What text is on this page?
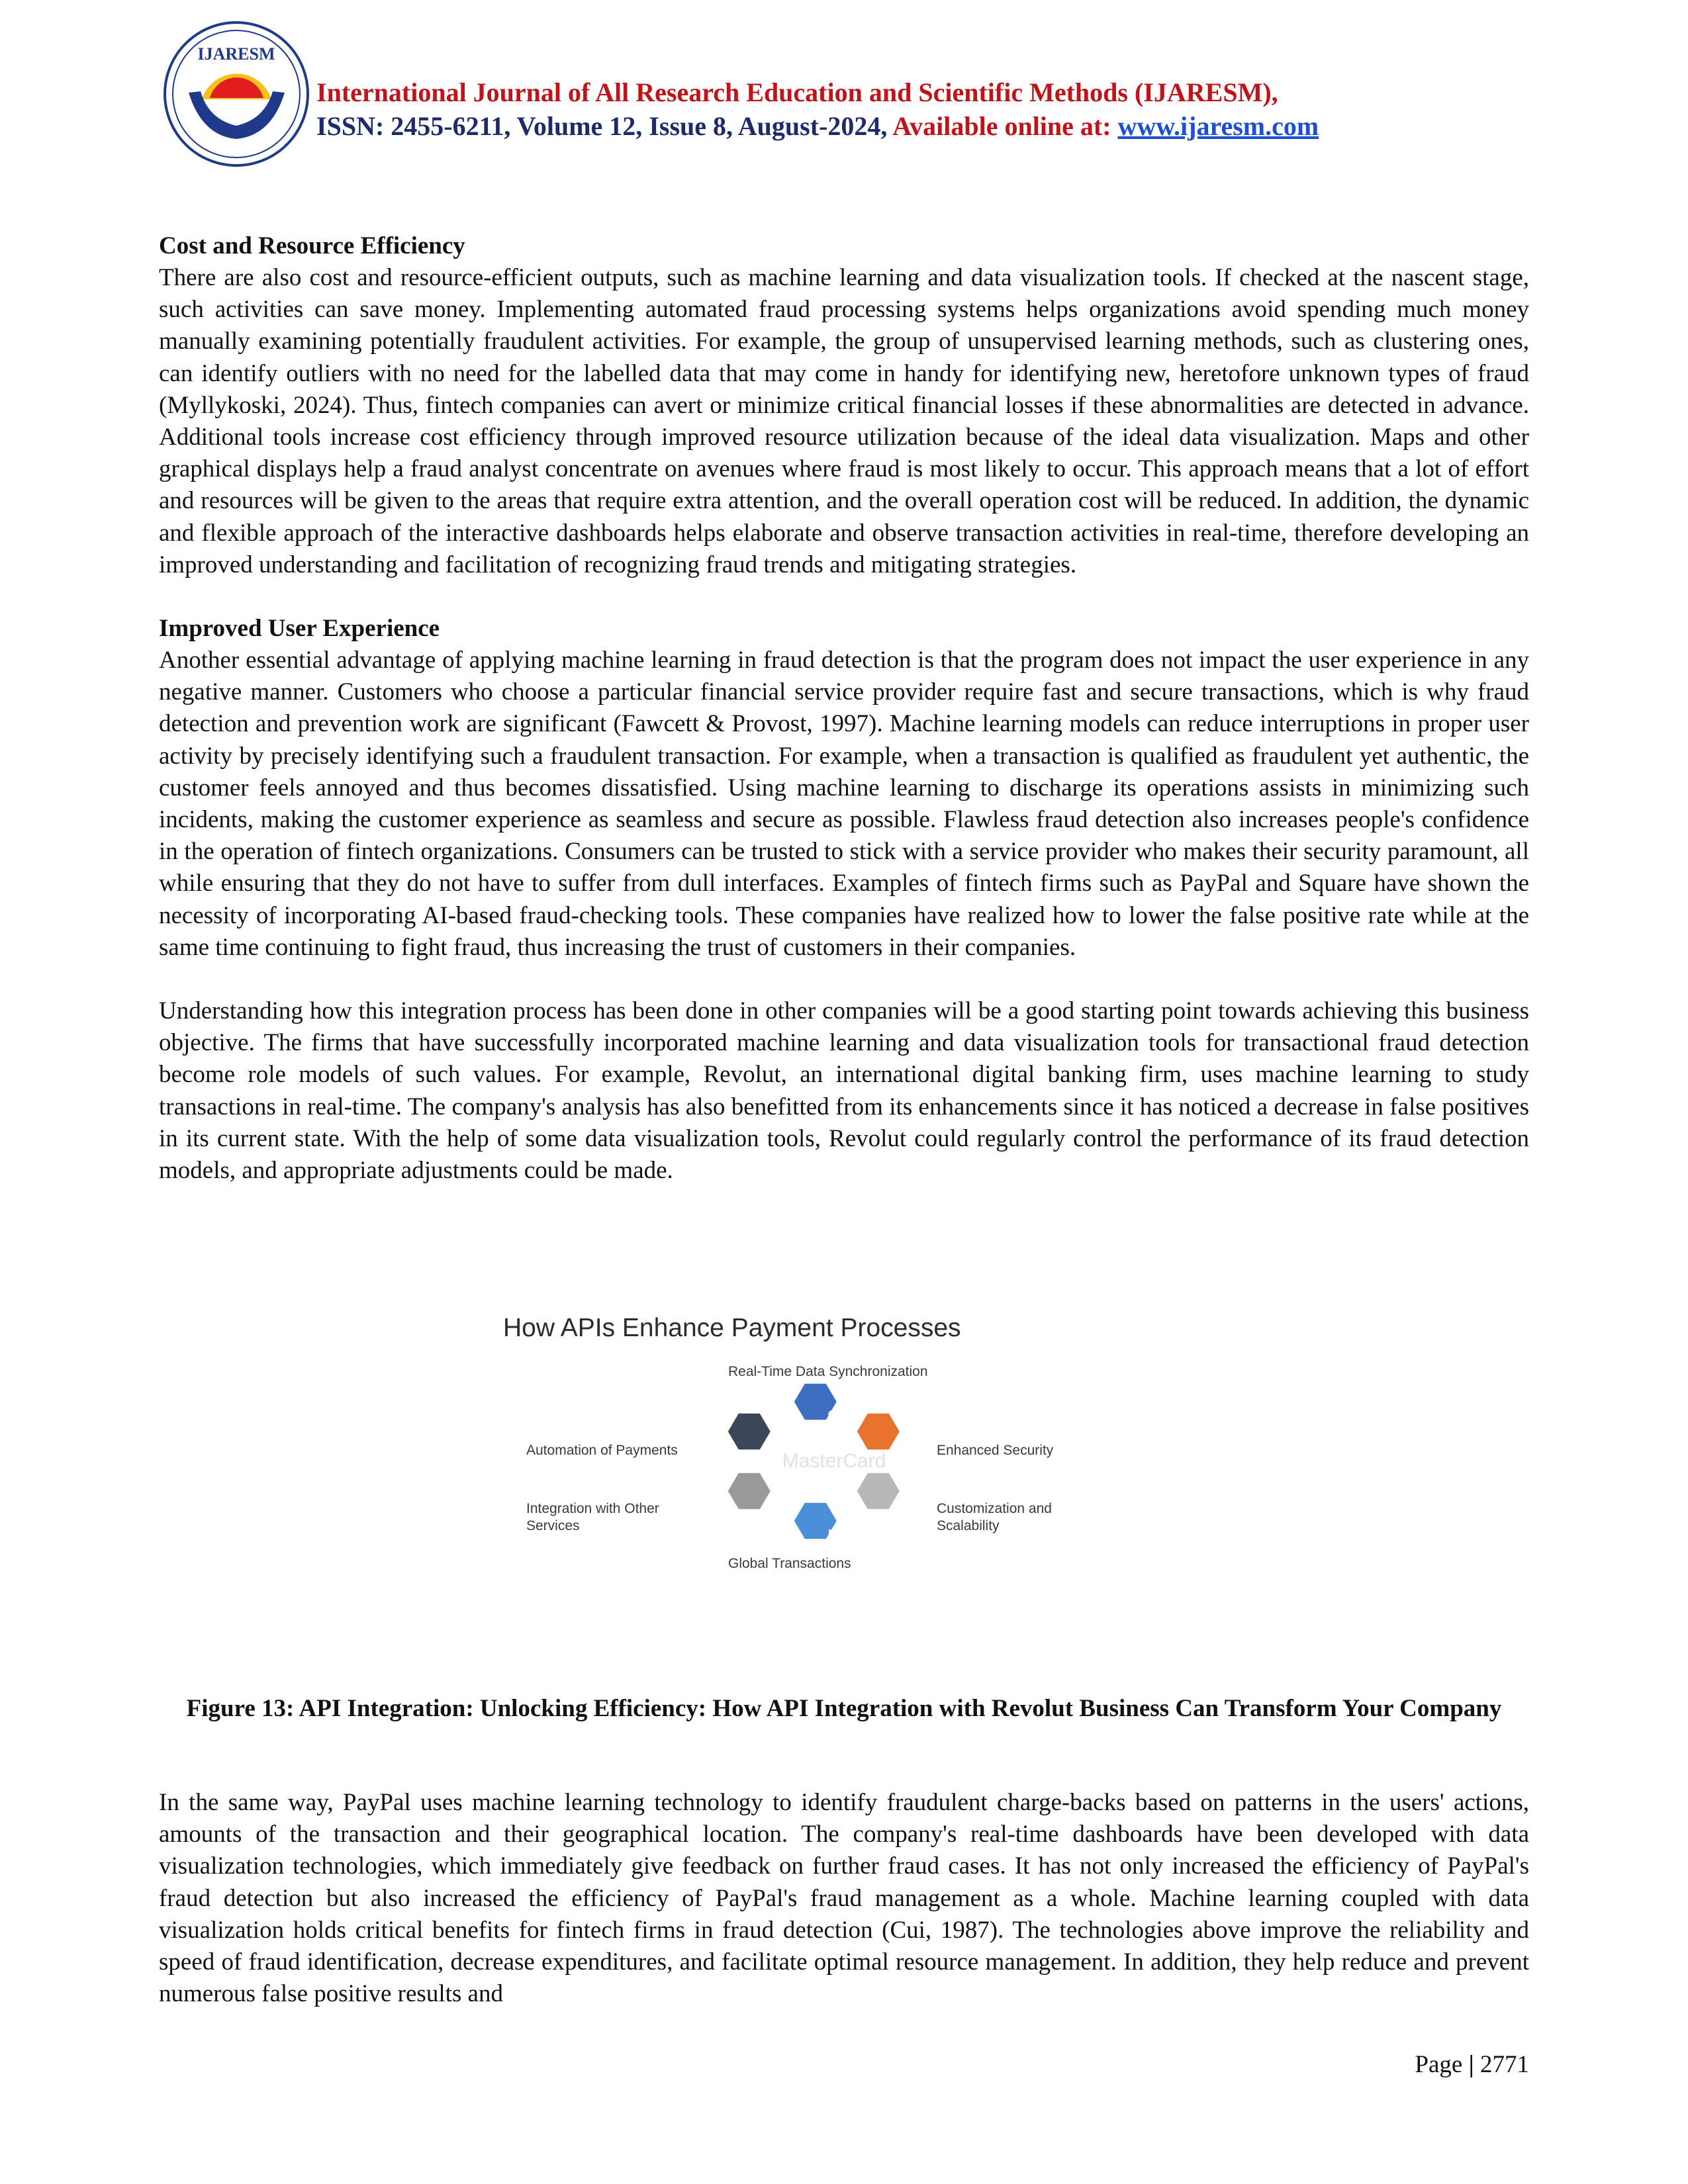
IJARESM
International Journal of All Research Education and Scientific Methods (IJARESM),
ISSN: 2455-6211, Volume 12, Issue 8, August-2024, Available online at: www.ijaresm.com

Cost and Resource Efficiency

There are also cost and resource-efficient outputs, such as machine learning and data visualization tools. If checked at the nascent stage, such activities can save money. Implementing automated fraud processing systems helps organizations avoid spending much money manually examining potentially fraudulent activities. For example, the group of unsupervised learning methods, such as clustering ones, can identify outliers with no need for the labelled data that may come in handy for identifying new, heretofore unknown types of fraud (Myllykoski, 2024). Thus, fintech companies can avert or minimize critical financial losses if these abnormalities are detected in advance. Additional tools increase cost efficiency through improved resource utilization because of the ideal data visualization. Maps and other graphical displays help a fraud analyst concentrate on avenues where fraud is most likely to occur. This approach means that a lot of effort and resources will be given to the areas that require extra attention, and the overall operation cost will be reduced. In addition, the dynamic and flexible approach of the interactive dashboards helps elaborate and observe transaction activities in real-time, therefore developing an improved understanding and facilitation of recognizing fraud trends and mitigating strategies.

Improved User Experience

Another essential advantage of applying machine learning in fraud detection is that the program does not impact the user experience in any negative manner. Customers who choose a particular financial service provider require fast and secure transactions, which is why fraud detection and prevention work are significant (Fawcett & Provost, 1997). Machine learning models can reduce interruptions in proper user activity by precisely identifying such a fraudulent transaction. For example, when a transaction is qualified as fraudulent yet authentic, the customer feels annoyed and thus becomes dissatisfied. Using machine learning to discharge its operations assists in minimizing such incidents, making the customer experience as seamless and secure as possible. Flawless fraud detection also increases people's confidence in the operation of fintech organizations. Consumers can be trusted to stick with a service provider who makes their security paramount, all while ensuring that they do not have to suffer from dull interfaces. Examples of fintech firms such as PayPal and Square have shown the necessity of incorporating AI-based fraud-checking tools. These companies have realized how to lower the false positive rate while at the same time continuing to fight fraud, thus increasing the trust of customers in their companies.

Understanding how this integration process has been done in other companies will be a good starting point towards achieving this business objective. The firms that have successfully incorporated machine learning and data visualization tools for transactional fraud detection become role models of such values. For example, Revolut, an international digital banking firm, uses machine learning to study transactions in real-time. The company's analysis has also benefitted from its enhancements since it has noticed a decrease in false positives in its current state. With the help of some data visualization tools, Revolut could regularly control the performance of its fraud detection models, and appropriate adjustments could be made.

How APIs Enhance Payment Processes
1
2
3
4
5
6
MasterCard
Real-Time Data Synchronization
Automation of Payments	Enhanced Security
Integration with Other Services
Customization and Scalability
Global Transactions
Figure 13: API Integration: Unlocking Efficiency: How API Integration with Revolut Business Can Transform Your Company

In the same way, PayPal uses machine learning technology to identify fraudulent charge-backs based on patterns in the users' actions, amounts of the transaction and their geographical location. The company's real-time dashboards have been developed with data visualization technologies, which immediately give feedback on further fraud cases. It has not only increased the efficiency of PayPal's fraud detection but also increased the efficiency of PayPal's fraud management as a whole. Machine learning coupled with data visualization holds critical benefits for fintech firms in fraud detection (Cui, 1987). The technologies above improve the reliability and speed of fraud identification, decrease expenditures, and facilitate optimal resource management. In addition, they help reduce and prevent numerous false positive results and

Page | 2771
